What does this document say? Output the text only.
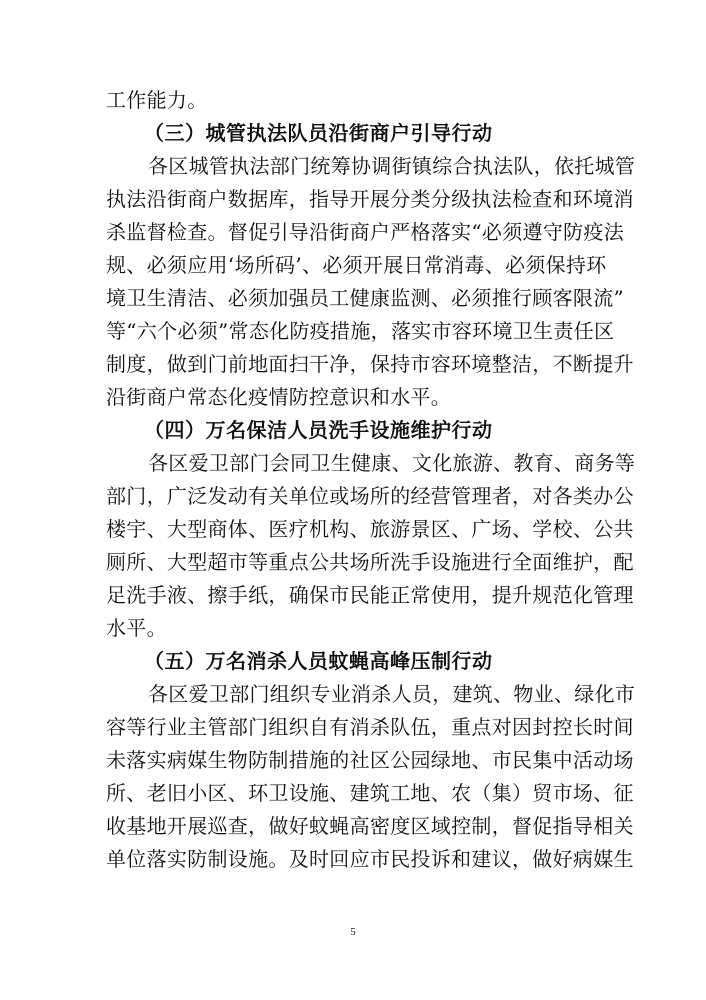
工作能力。
（三）城管执法队员沿街商户引导行动
各区城管执法部门统筹协调街镇综合执法队，依托城管
执法沿街商户数据库，指导开展分类分级执法检查和环境消
杀监督检查。督促引导沿街商户严格落实“必须遵守防疫法
规、必须应用‘场所码’、必须开展日常消毒、必须保持环
境卫生清洁、必须加强员工健康监测、必须推行顾客限流”
等“六个必须”常态化防疫措施，落实市容环境卫生责任区
制度，做到门前地面扫干净，保持市容环境整洁，不断提升
沿街商户常态化疫情防控意识和水平。
（四）万名保洁人员洗手设施维护行动
各区爱卫部门会同卫生健康、文化旅游、教育、商务等
部门，广泛发动有关单位或场所的经营管理者，对各类办公
楼宇、大型商体、医疗机构、旅游景区、广场、学校、公共
厕所、大型超市等重点公共场所洗手设施进行全面维护，配
足洗手液、擦手纸，确保市民能正常使用，提升规范化管理
水平。
（五）万名消杀人员蚊蝇高峰压制行动
各区爱卫部门组织专业消杀人员，建筑、物业、绿化市
容等行业主管部门组织自有消杀队伍，重点对因封控长时间
未落实病媒生物防制措施的社区公园绿地、市民集中活动场
所、老旧小区、环卫设施、建筑工地、农（集）贸市场、征
收基地开展巡查，做好蚊蝇高密度区域控制，督促指导相关
单位落实防制设施。及时回应市民投诉和建议，做好病媒生
5
